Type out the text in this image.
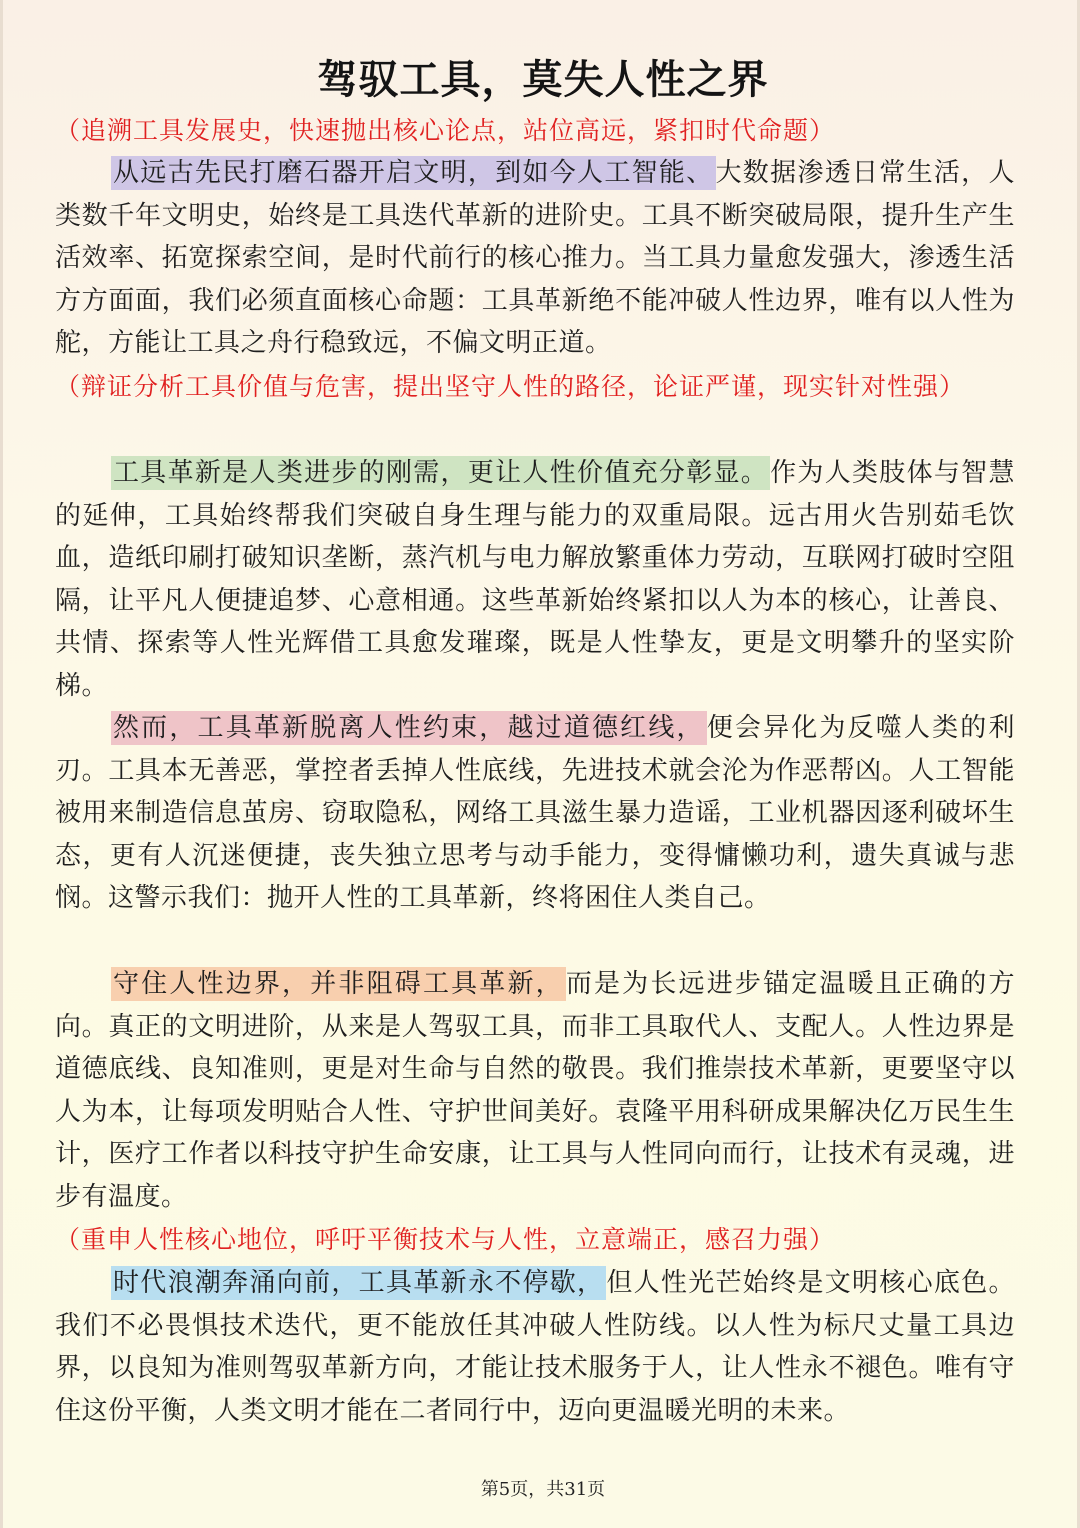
驾驭工具，莫失人性之界
（追溯工具发展史，快速抛出核心论点，站位高远，紧扣时代命题）
从远古先民打磨石器开启文明，到如今人工智能、大数据渗透日常生活，人类数千年文明史，始终是工具迭代革新的进阶史。工具不断突破局限，提升生产生活效率、拓宽探索空间，是时代前行的核心推力。当工具力量愈发强大，渗透生活方方面面，我们必须直面核心命题：工具革新绝不能冲破人性边界，唯有以人性为舵，方能让工具之舟行稳致远，不偏文明正道。
（辩证分析工具价值与危害，提出坚守人性的路径，论证严谨，现实针对性强）
工具革新是人类进步的刚需，更让人性价值充分彰显。作为人类肢体与智慧的延伸，工具始终帮我们突破自身生理与能力的双重局限。远古用火告别茹毛饮血，造纸印刷打破知识垄断，蒸汽机与电力解放繁重体力劳动，互联网打破时空阻隔，让平凡人便捷追梦、心意相通。这些革新始终紧扣以人为本的核心，让善良、共情、探索等人性光辉借工具愈发璀璨，既是人性挚友，更是文明攀升的坚实阶梯。
然而，工具革新脱离人性约束，越过道德红线，便会异化为反噬人类的利刃。工具本无善恶，掌控者丢掉人性底线，先进技术就会沦为作恶帮凶。人工智能被用来制造信息茧房、窃取隐私，网络工具滋生暴力造谣，工业机器因逐利破坏生态，更有人沉迷便捷，丧失独立思考与动手能力，变得慵懒功利，遗失真诚与悲悯。这警示我们：抛开人性的工具革新，终将困住人类自己。
守住人性边界，并非阻碍工具革新，而是为长远进步锚定温暖且正确的方向。真正的文明进阶，从来是人驾驭工具，而非工具取代人、支配人。人性边界是道德底线、良知准则，更是对生命与自然的敬畏。我们推崇技术革新，更要坚守以人为本，让每项发明贴合人性、守护世间美好。袁隆平用科研成果解决亿万民生生计，医疗工作者以科技守护生命安康，让工具与人性同向而行，让技术有灵魂，进步有温度。
（重申人性核心地位，呼吁平衡技术与人性，立意端正，感召力强）
时代浪潮奔涌向前，工具革新永不停歇，但人性光芒始终是文明核心底色。我们不必畏惧技术迭代，更不能放任其冲破人性防线。以人性为标尺丈量工具边界，以良知为准则驾驭革新方向，才能让技术服务于人，让人性永不褪色。唯有守住这份平衡，人类文明才能在二者同行中，迈向更温暖光明的未来。
第5页，共31页
